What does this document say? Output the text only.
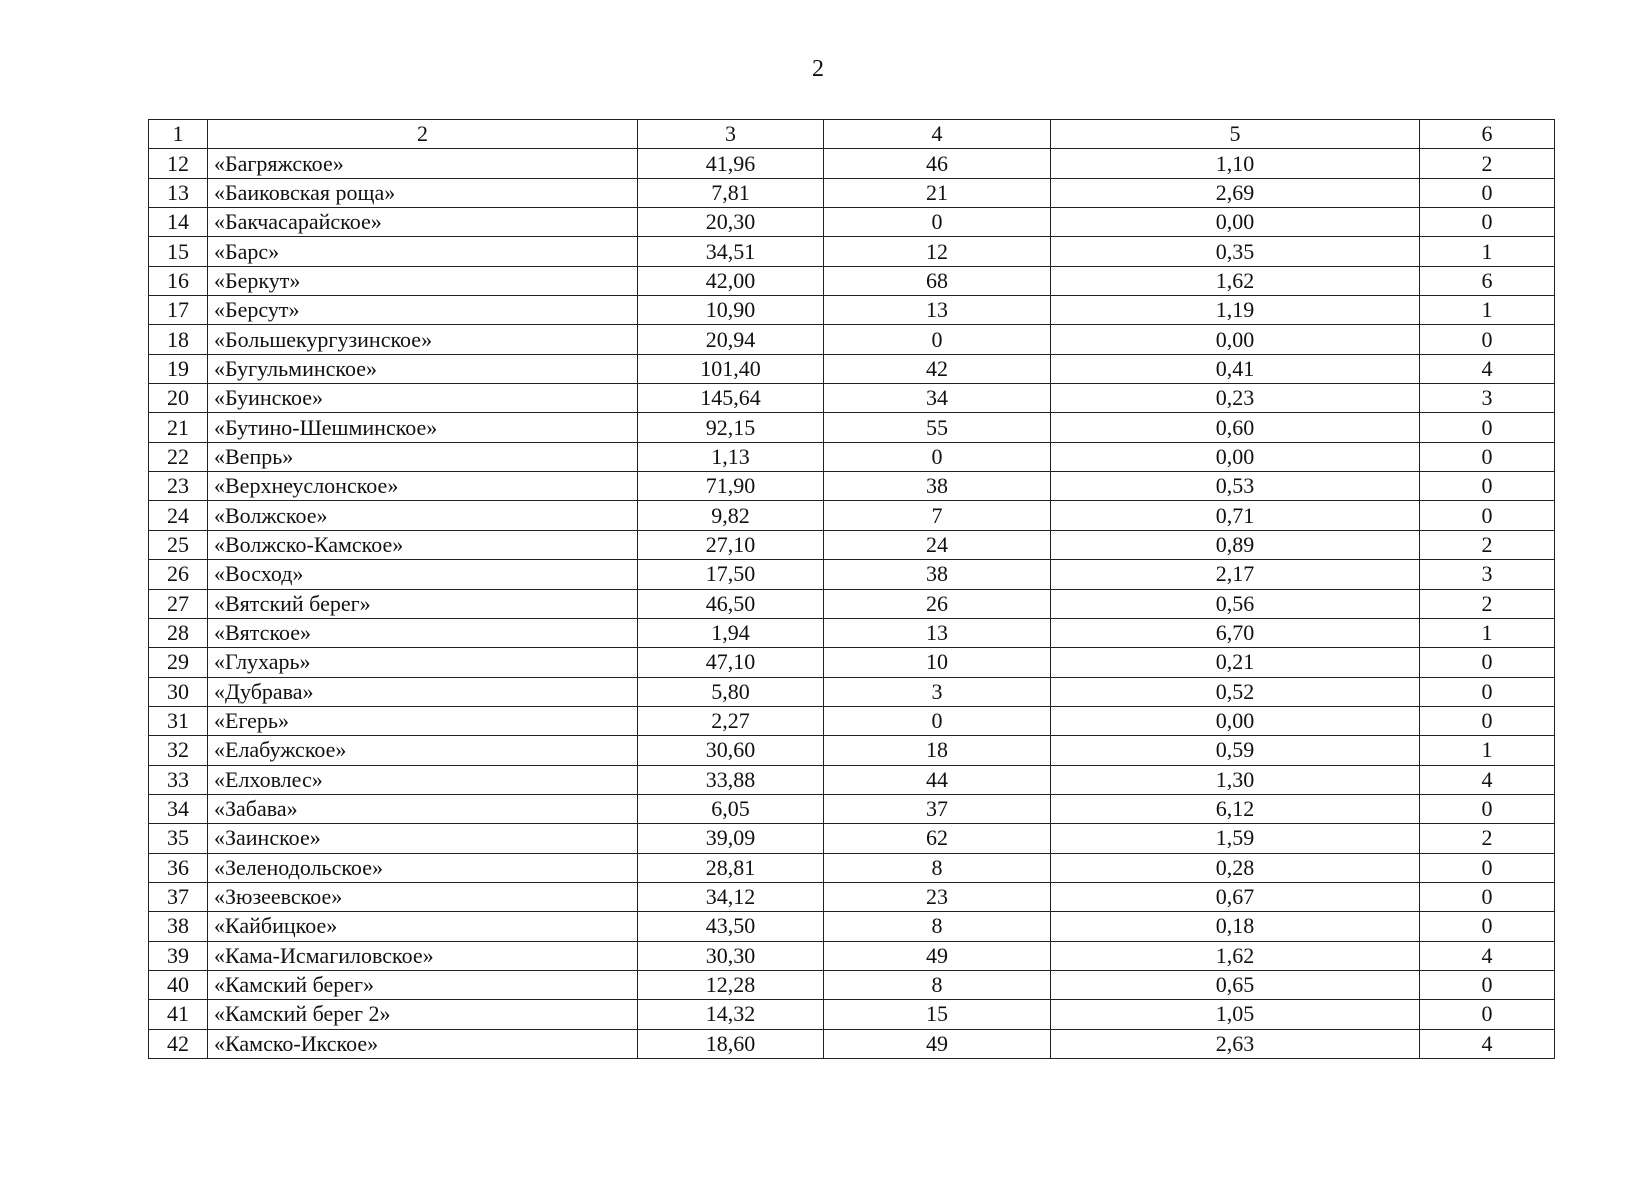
2
1	2	3	4	5	6
12	«Багряжское»	41,96	46	1,10	2
13	«Баиковская роща»	7,81	21	2,69	0
14	«Бакчасарайское»	20,30	0	0,00	0
15	«Барс»	34,51	12	0,35	1
16	«Беркут»	42,00	68	1,62	6
17	«Берсут»	10,90	13	1,19	1
18	«Большекургузинское»	20,94	0	0,00	0
19	«Бугульминское»	101,40	42	0,41	4
20	«Буинское»	145,64	34	0,23	3
21	«Бутино-Шешминское»	92,15	55	0,60	0
22	«Вепрь»	1,13	0	0,00	0
23	«Верхнеуслонское»	71,90	38	0,53	0
24	«Волжское»	9,82	7	0,71	0
25	«Волжско-Камское»	27,10	24	0,89	2
26	«Восход»	17,50	38	2,17	3
27	«Вятский берег»	46,50	26	0,56	2
28	«Вятское»	1,94	13	6,70	1
29	«Глухарь»	47,10	10	0,21	0
30	«Дубрава»	5,80	3	0,52	0
31	«Егерь»	2,27	0	0,00	0
32	«Елабужское»	30,60	18	0,59	1
33	«Елховлес»	33,88	44	1,30	4
34	«Забава»	6,05	37	6,12	0
35	«Заинское»	39,09	62	1,59	2
36	«Зеленодольское»	28,81	8	0,28	0
37	«Зюзеевское»	34,12	23	0,67	0
38	«Кайбицкое»	43,50	8	0,18	0
39	«Кама-Исмагиловское»	30,30	49	1,62	4
40	«Камский берег»	12,28	8	0,65	0
41	«Камский берег 2»	14,32	15	1,05	0
42	«Камско-Икское»	18,60	49	2,63	4
